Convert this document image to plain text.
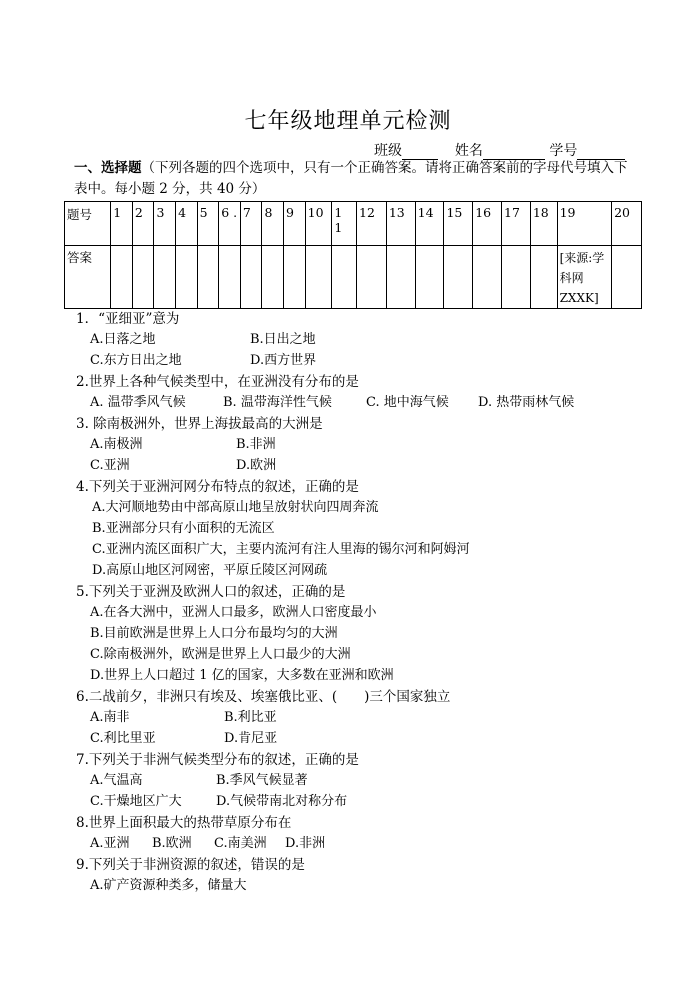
七年级地理单元检测
班级	姓名	学号
一、选择题（下列各题的四个选项中，只有一个正确答案。请将正确答案前的字母代号填入下表中。每小题 2 分，共 40 分）
题号	1	2	3	4	5	6 .	7	8	9	10	1 1	12	13	14	15	16	17	18	19	20
答案																			[来源:学科网ZXXK]	
1．“亚细亚”意为
A.日落之地	B.日出之地
C.东方日出之地	D.西方世界
2.世界上各种气候类型中，在亚洲没有分布的是
A. 温带季风气候	B. 温带海洋性气候	C. 地中海气候 D. 热带雨林气候
3. 除南极洲外，世界上海拔最高的大洲是
A.南极洲	B.非洲
C.亚洲	D.欧洲
4.下列关于亚洲河网分布特点的叙述，正确的是
A.大河顺地势由中部高原山地呈放射状向四周奔流
B.亚洲部分只有小面积的无流区
C.亚洲内流区面积广大，主要内流河有注人里海的锡尔河和阿姆河
D.高原山地区河网密，平原丘陵区河网疏
5.下列关于亚洲及欧洲人口的叙述，正确的是
A.在各大洲中，亚洲人口最多，欧洲人口密度最小
B.目前欧洲是世界上人口分布最均匀的大洲
C.除南极洲外，欧洲是世界上人口最少的大洲
D.世界上人口超过 1 亿的国家，大多数在亚洲和欧洲
6.二战前夕，非洲只有埃及、埃塞俄比亚、(　　)三个国家独立
A.南非	B.利比亚
C.利比里亚	D.肯尼亚
7.下列关于非洲气候类型分布的叙述，正确的是
A.气温高	B.季风气候显著
C.干燥地区广大	D.气候带南北对称分布
8.世界上面积最大的热带草原分布在
A.亚洲 B.欧洲 C.南美洲 D.非洲
9.下列关于非洲资源的叙述，错误的是
A.矿产资源种类多，储量大
